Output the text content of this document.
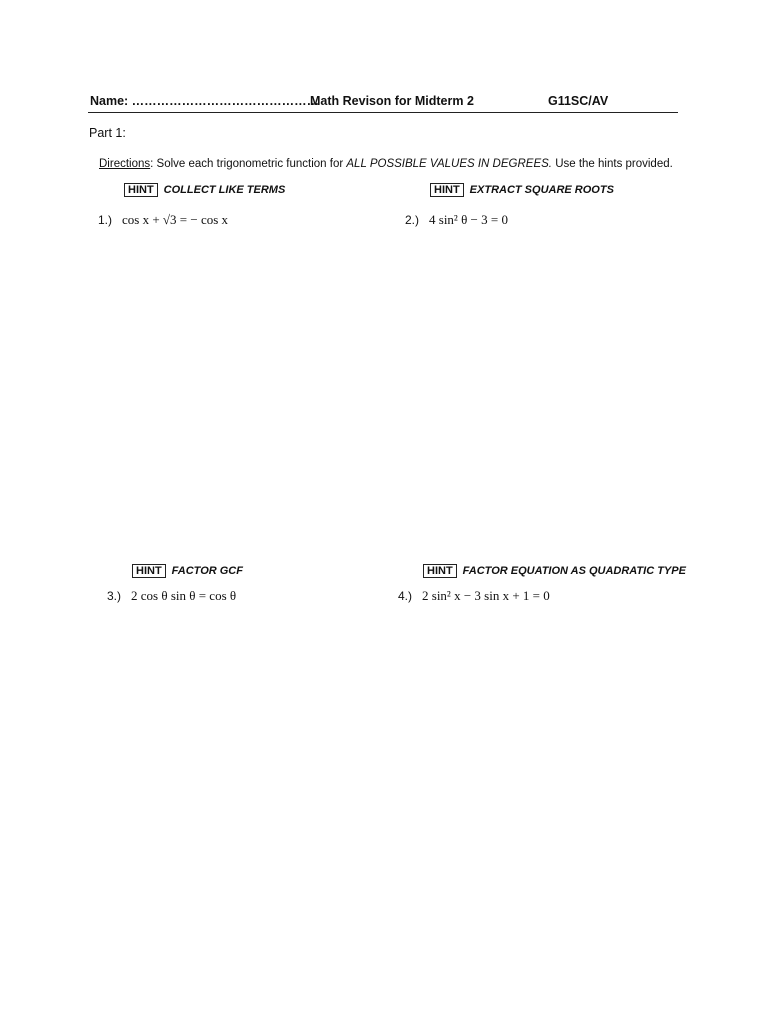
Name: ………………………………………
Math Revison for Midterm 2	G11SC/AV
Part 1:
Directions: Solve each trigonometric function for ALL POSSIBLE VALUES IN DEGREES. Use the hints provided.
HINT COLLECT LIKE TERMS
1.) cos x + √3 = − cos x
HINT EXTRACT SQUARE ROOTS
2.) 4 sin² θ − 3 = 0
HINT FACTOR GCF
3.) 2 cos θ sin θ = cos θ
HINT FACTOR EQUATION AS QUADRATIC TYPE
4.) 2 sin² x − 3 sin x + 1 = 0
